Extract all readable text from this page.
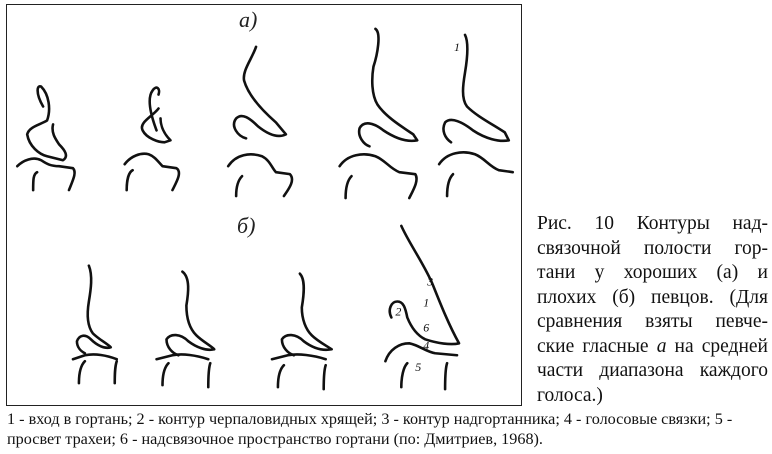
1
3
1
2
6
4
5
а)
б)	Рис. 10 Контуры над-связочной полости гор-тани у хороших (а) и плохих (б) певцов. (Для сравнения взяты певче-ские гласные а на средней части диапазона каждого голоса.)

1 - вход в гортань; 2 - контур черпаловидных хрящей; 3 - контур надгортанника; 4 - голосовые связки; 5 - просвет трахеи; 6 - надсвязочное пространство гортани (по: Дмитриев, 1968).
